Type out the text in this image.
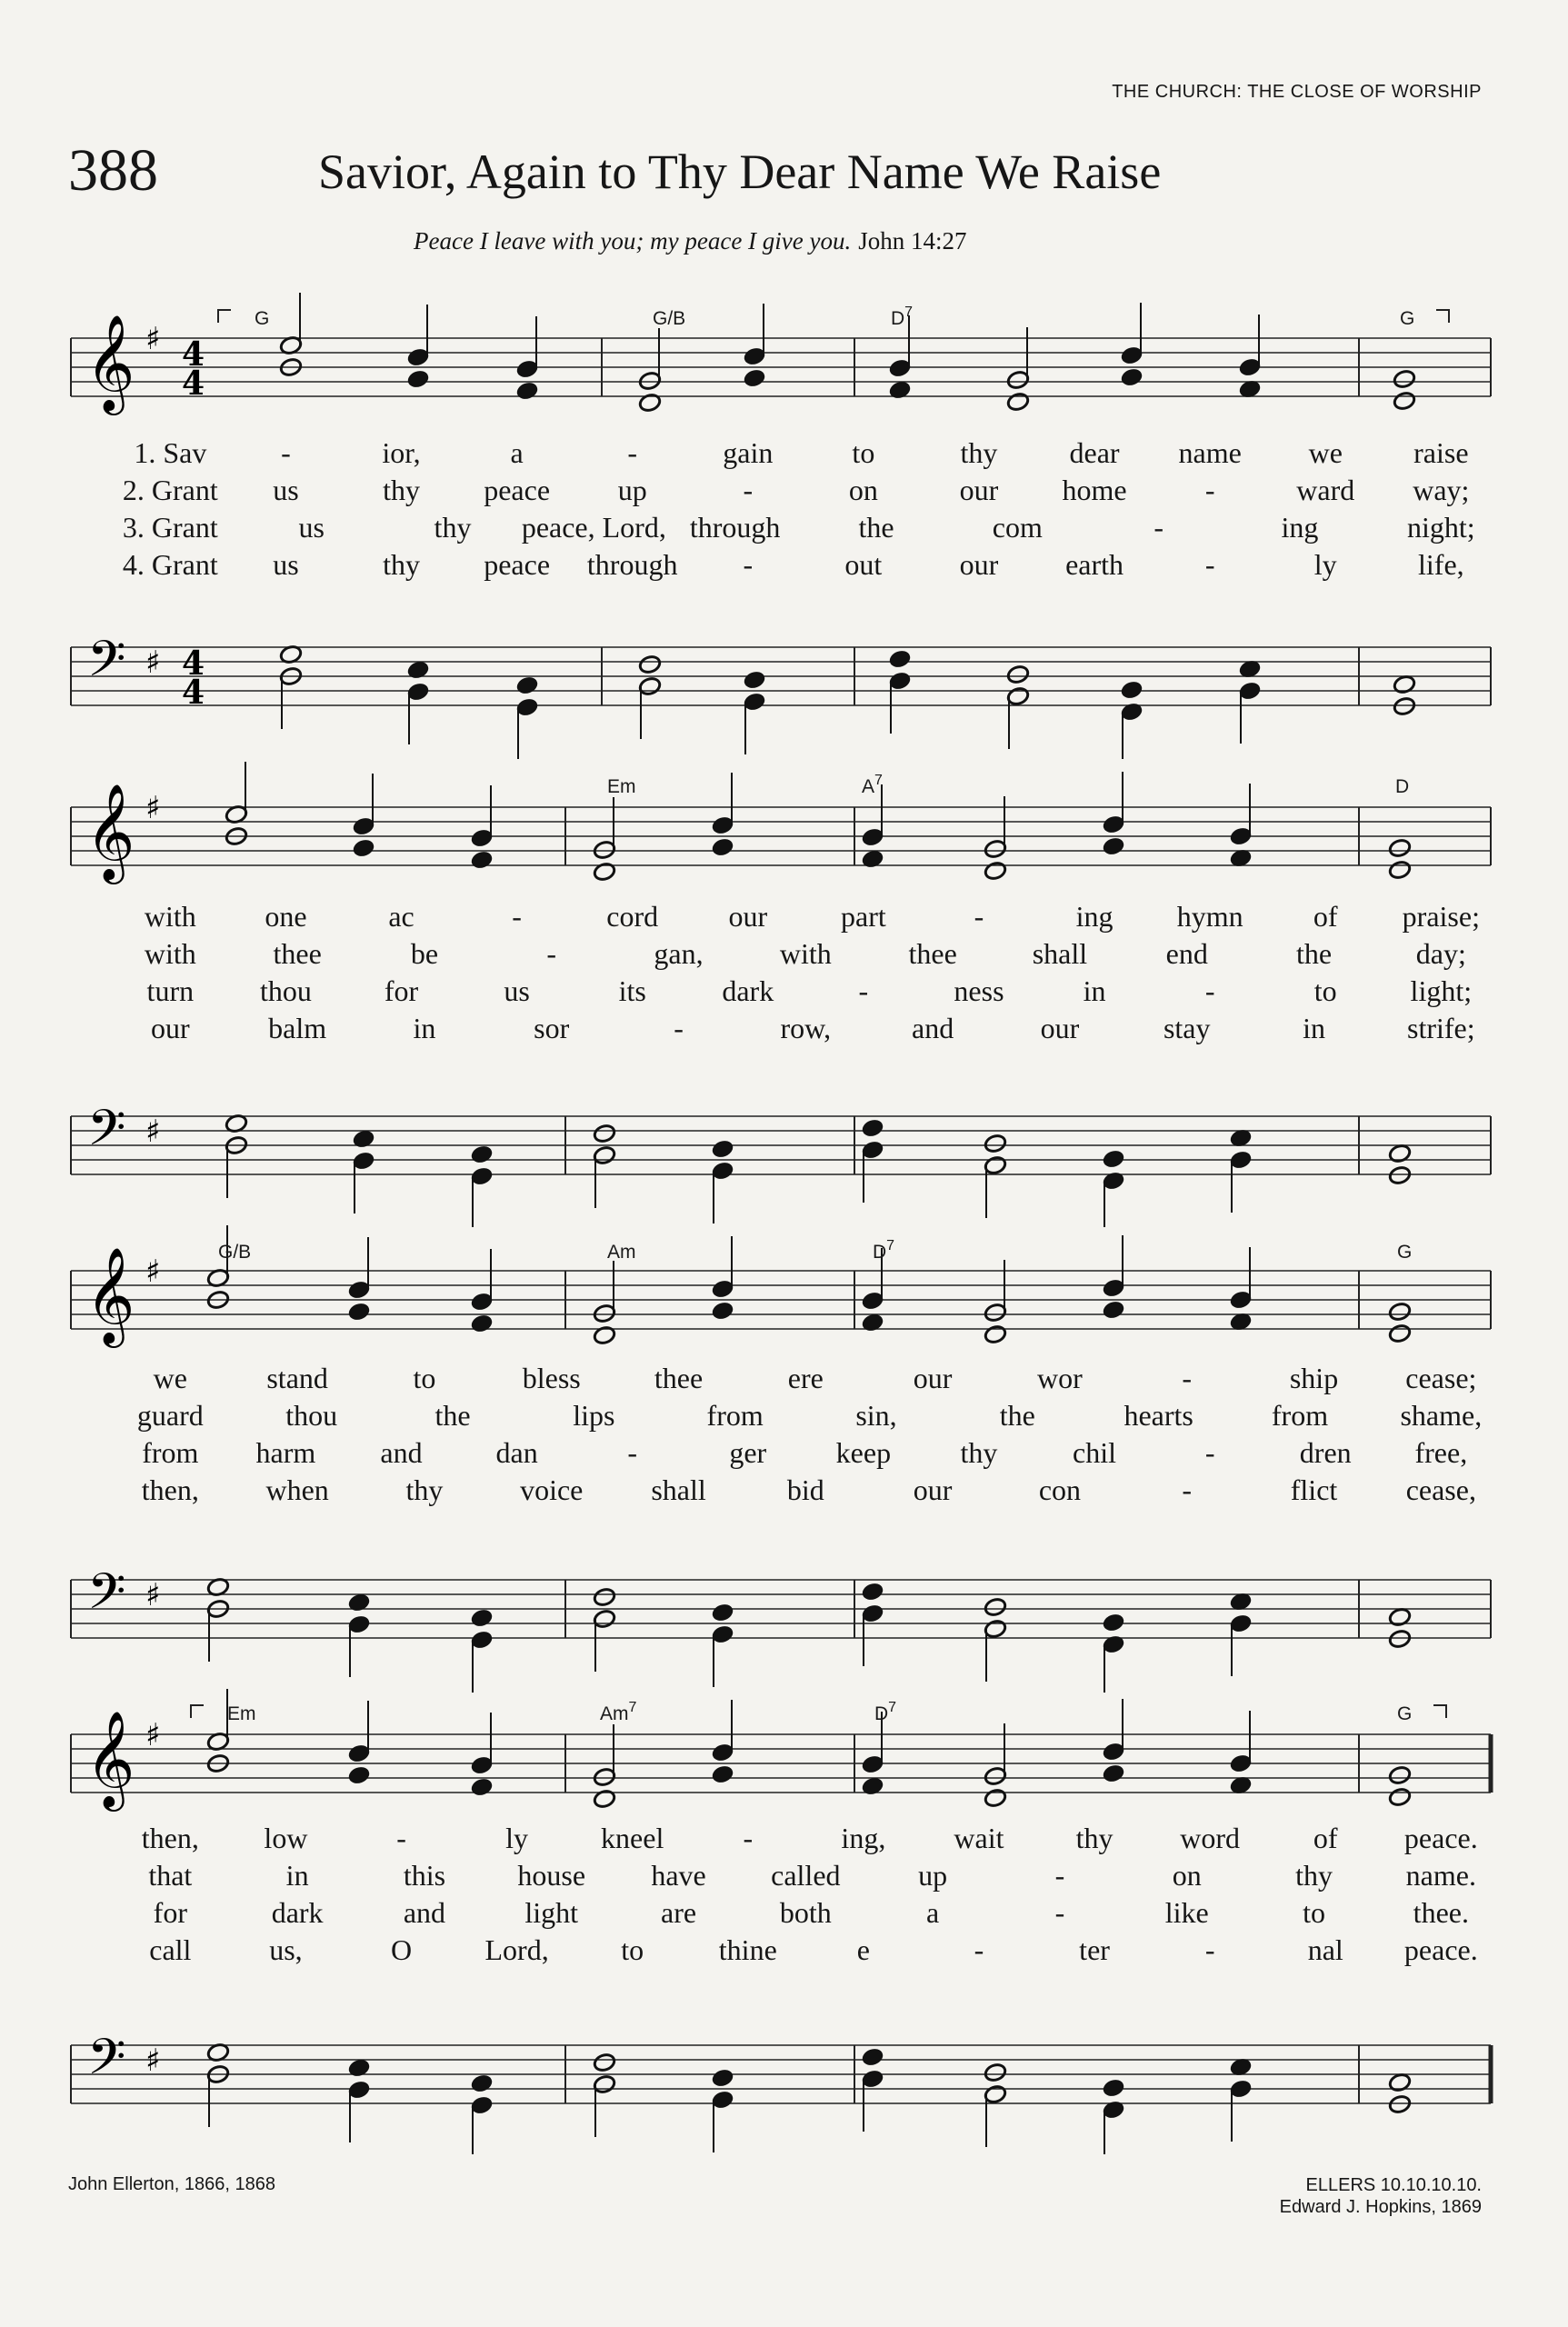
THE CHURCH: THE CLOSE OF WORSHIP
388	Savior, Again to Thy Dear Name We Raise
Peace I leave with you; my peace I give you. John 14:27
𝄞
𝄢
♯
♯
4
4
4
4
G	G/B	$D^7$	G
1. Sav	-	ior,	a	-	gain	to	thy dear name we raise
2. Grant us	thy peace up	-	on	our home	-	ward way;
3. Grant	us	thy peace, Lord, through	the	com	-	ing	night;
4. Grant us	thy peace through -	out	our earth	-	ly	life,
𝄞
𝄢
♯
♯
Em	$A^7$	D
with one	ac	-	cord our	part	-	ing hymn of praise;
with	thee	be	-	gan,	with	thee	shall	end	the	day;
turn thou for	us	its	dark	-	ness	in	-	to	light;
our	balm	in	sor	-	row,	and	our	stay	in	strife;
𝄞
𝄢
♯
♯
G/B	Am	$D^7$	G
we	stand	to	bless	thee	ere	our	wor	-	ship cease;
guard	thou	the	lips	from	sin,	the	hearts	from shame,
from harm and	dan	-	ger keep thy	chil	-	dren free,
then, when	thy	voice shall	bid	our	con	-	flict cease,
𝄞
𝄢
♯
♯
Em	Am$^7$	$D^7$	G
then, low	-	ly kneel	-	ing, wait thy word	of peace.
that	in	this house have called	up	-	on	thy	name.
for	dark	and	light	are	both	a	-	like	to	thee.
call	us,	O	Lord, to	thine	e	-	ter	-	nal peace.
John Ellerton, 1866, 1868	ELLERS 10.10.10.10.
Edward J. Hopkins, 1869
